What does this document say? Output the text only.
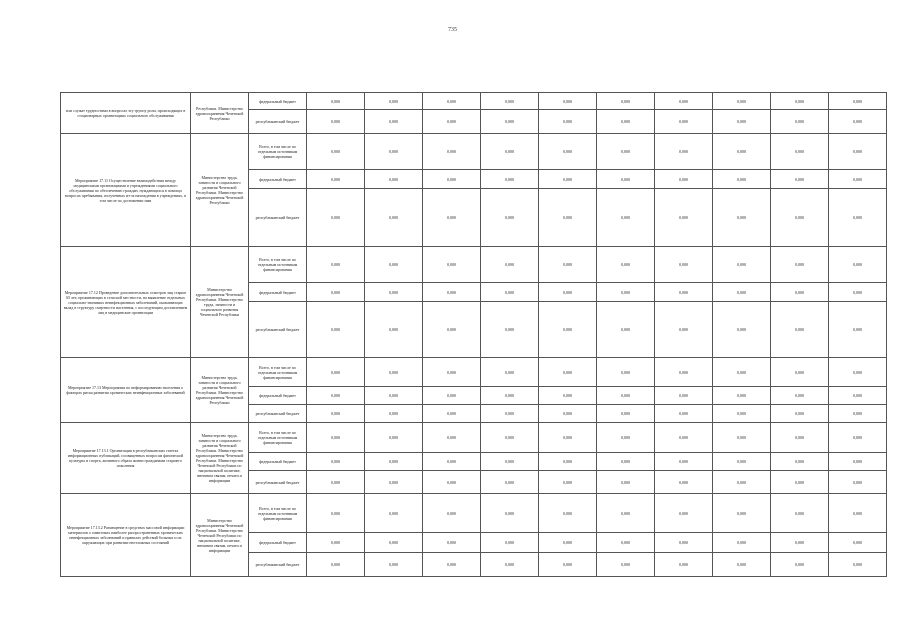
735
или служат трудностями в вопросах эту группу роли, происходящих в стационарных организациях социального обслуживания	Республики. Министерство здравоохранения Чеченской Республики	федеральный бюджет	0,000	0,000	0,000	0,000	0,000	0,000	0,000	0,000	0,000	0,000	
		республиканский бюджет	0,000	0,000	0,000	0,000	0,000	0,000	0,000	0,000	0,000	0,000	
Мероприятие 17.11 Осуществление взаимодействия между медицинскими организациями и учреждениями социального обслуживания по обеспечению граждан, нуждающихся в помощи вопросах пребывания, полученных из-за нахождения в учреждениях, в том числе по достижении ими	Министерство труда, занятости и социального развития Чеченской Республики. Министерство здравоохранения Чеченской Республики	Всего, в том числе по отдельным источникам финансирования	0,000	0,000	0,000	0,000	0,000	0,000	0,000	0,000	0,000	0,000	
		федеральный бюджет	0,000	0,000	0,000	0,000	0,000	0,000	0,000	0,000	0,000	0,000	
		республиканский бюджет	0,000	0,000	0,000	0,000	0,000	0,000	0,000	0,000	0,000	0,000	
Мероприятие 17.12 Проведение дополнительных осмотров лиц старше 65 лет, проживающих в сельской местности, на выявление отдельных социально-значимых неинфекционных заболеваний, оказывающих вклад в структуру смертности населения, с последующим доставлением лиц в медицинские организации	Министерство здравоохранения Чеченской Республики. Министерство труда, занятости и социального развития Чеченской Республики	Всего, в том числе по отдельным источникам финансирования	0,000	0,000	0,000	0,000	0,000	0,000	0,000	0,000	0,000	0,000	
		федеральный бюджет	0,000	0,000	0,000	0,000	0,000	0,000	0,000	0,000	0,000	0,000	
		республиканский бюджет	0,000	0,000	0,000	0,000	0,000	0,000	0,000	0,000	0,000	0,000	
Мероприятие 17.13 Мероприятия по информированию населения о факторах риска развития хронических неинфекционных заболеваний	Министерство труда, занятости и социального развития Чеченской Республики. Министерство здравоохранения Чеченской Республики	Всего, в том числе по отдельным источникам финансирования	0,000	0,000	0,000	0,000	0,000	0,000	0,000	0,000	0,000	0,000	
		федеральный бюджет	0,000	0,000	0,000	0,000	0,000	0,000	0,000	0,000	0,000	0,000	
		республиканский бюджет	0,000	0,000	0,000	0,000	0,000	0,000	0,000	0,000	0,000	0,000	
Мероприятие 17.13.1 Организация в республиканских газетах информационных публикаций, посвященных вопросам физической культуры и спорта, активного образа жизни гражданами старшего поколения	Министерство труда, занятости и социального развития Чеченской Республики. Министерство здравоохранения Чеченской Республики. Министерство Чеченской Республики по национальной политике, внешним связям, печати и информации	Всего, в том числе по отдельным источникам финансирования	0,000	0,000	0,000	0,000	0,000	0,000	0,000	0,000	0,000	0,000	
		федеральный бюджет	0,000	0,000	0,000	0,000	0,000	0,000	0,000	0,000	0,000	0,000	
		республиканский бюджет	0,000	0,000	0,000	0,000	0,000	0,000	0,000	0,000	0,000	0,000	
Мероприятие 17.13.2 Размещение в средствах массовой информации материалов о симптомах наиболее распространенных хронических неинфекционных заболеваний и правилах действий больных и их окружающих при развитии неотложных состояний	Министерство здравоохранения Чеченской Республики. Министерство Чеченской Республики по национальной политике, внешним связям, печати и информации	Всего, в том числе по отдельным источникам финансирования	0,000	0,000	0,000	0,000	0,000	0,000	0,000	0,000	0,000	0,000	
		федеральный бюджет	0,000	0,000	0,000	0,000	0,000	0,000	0,000	0,000	0,000	0,000	
		республиканский бюджет	0,000	0,000	0,000	0,000	0,000	0,000	0,000	0,000	0,000	0,000	
